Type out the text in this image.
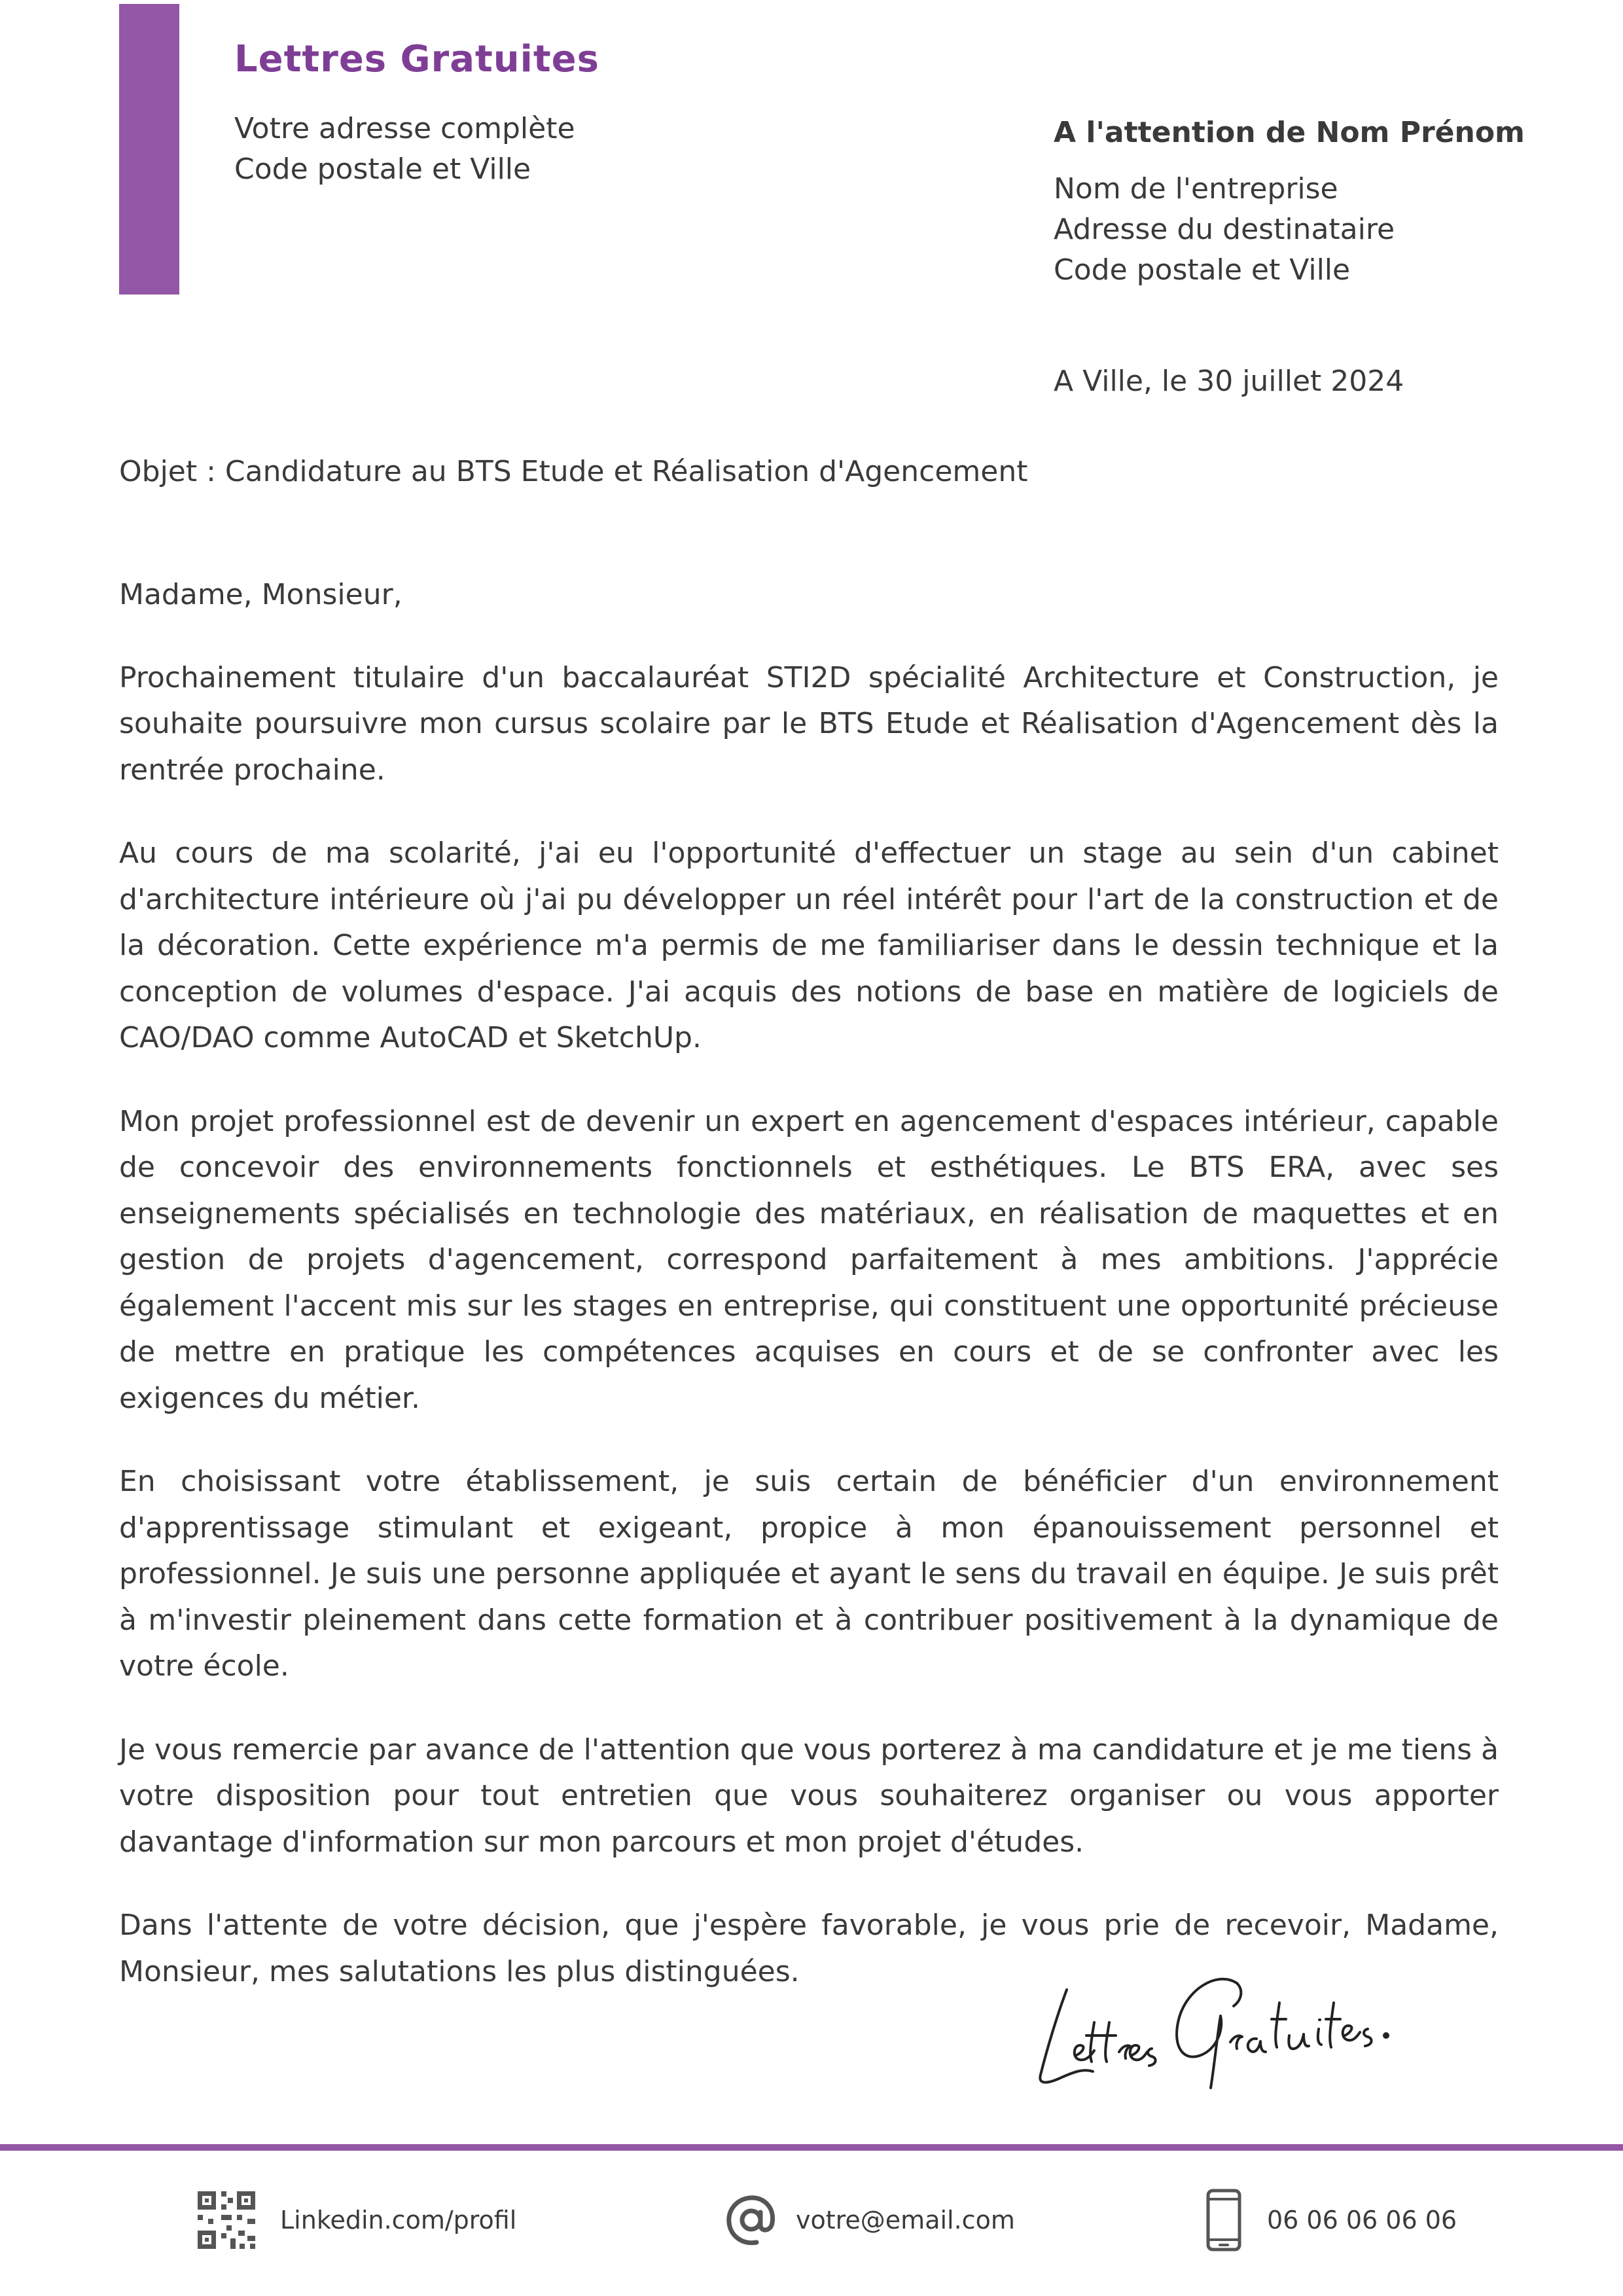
Lettres Gratuites
Votre adresse complète
Code postale et Ville
A l'attention de Nom Prénom
Nom de l'entreprise
Adresse du destinataire
Code postale et Ville
A Ville, le 30 juillet 2024
Objet : Candidature au BTS Etude et Réalisation d'Agencement

Madame, Monsieur,

Prochainement titulaire d'un baccalauréat STI2D spécialité Architecture et Construction, je souhaite poursuivre mon cursus scolaire par le BTS Etude et Réalisation d'Agencement dès la rentrée prochaine.

Au cours de ma scolarité, j'ai eu l'opportunité d'effectuer un stage au sein d'un cabinet d'architecture intérieure où j'ai pu développer un réel intérêt pour l'art de la construction et de la décoration. Cette expérience m'a permis de me familiariser dans le dessin technique et la conception de volumes d'espace. J'ai acquis des notions de base en matière de logiciels de CAO/DAO comme AutoCAD et SketchUp.

Mon projet professionnel est de devenir un expert en agencement d'espaces intérieur, capable de concevoir des environnements fonctionnels et esthétiques. Le BTS ERA, avec ses enseignements spécialisés en technologie des matériaux, en réalisation de maquettes et en gestion de projets d'agencement, correspond parfaitement à mes ambitions. J'apprécie également l'accent mis sur les stages en entreprise, qui constituent une opportunité précieuse de mettre en pratique les compétences acquises en cours et de se confronter avec les exigences du métier.

En choisissant votre établissement, je suis certain de bénéficier d'un environnement d'apprentissage stimulant et exigeant, propice à mon épanouissement personnel et professionnel. Je suis une personne appliquée et ayant le sens du travail en équipe. Je suis prêt à m'investir pleinement dans cette formation et à contribuer positivement à la dynamique de votre école.

Je vous remercie par avance de l'attention que vous porterez à ma candidature et je me tiens à votre disposition pour tout entretien que vous souhaiterez organiser ou vous apporter davantage d'information sur mon parcours et mon projet d'études.

Dans l'attente de votre décision, que j'espère favorable, je vous prie de recevoir, Madame, Monsieur, mes salutations les plus distinguées.

Linkedin.com/profil	votre@email.com	06 06 06 06 06
